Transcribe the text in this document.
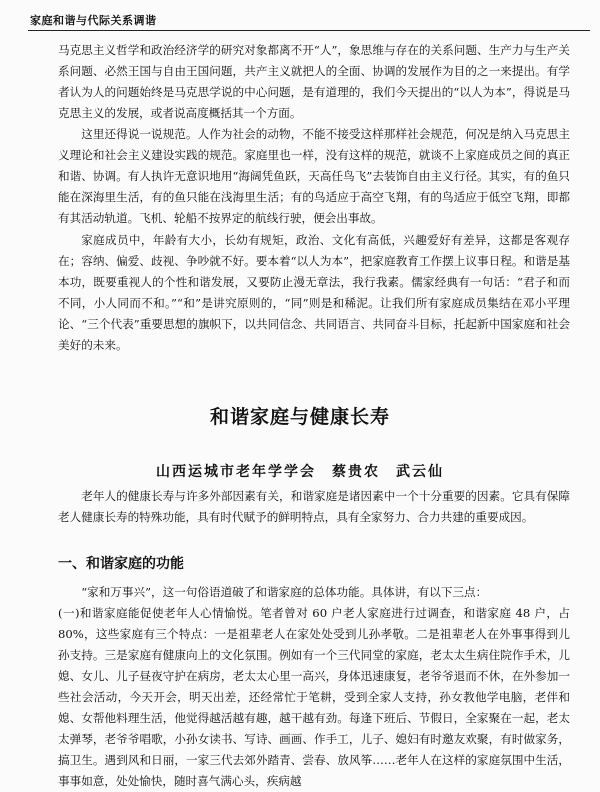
家庭和谐与代际关系调谐

马克思主义哲学和政治经济学的研究对象都离不开“人”，象思维与存在的关系问题、生产力与生产关系问题、必然王国与自由王国问题，共产主义就把人的全面、协调的发展作为目的之一来提出。有学者认为人的问题始终是马克思学说的中心问题，是有道理的，我们今天提出的“以人为本”，得说是马克思主义的发展，或者说高度概括其一个方面。

这里还得说一说规范。人作为社会的动物，不能不接受这样那样社会规范，何况是纳入马克思主义理论和社会主义建设实践的规范。家庭里也一样，没有这样的规范，就谈不上家庭成员之间的真正和谐、协调。有人执许无意识地用“海阔凭鱼跃，天高任鸟飞”去装饰自由主义行径。其实，有的鱼只能在深海里生活，有的鱼只能在浅海里生活；有的鸟适应于高空飞翔，有的鸟适应于低空飞翔，即都有其活动轨道。飞机、轮船不按界定的航线行驶，便会出事故。

家庭成员中，年龄有大小，长幼有规矩，政治、文化有高低，兴趣爱好有差异，这都是客观存在；容纳、偏爱、歧视、争吵就不好。要本着“以人为本”，把家庭教育工作摆上议事日程。和谐是基本功，既要重视人的个性和谐发展，又要防止漫无章法，我行我素。儒家经典有一句话：“君子和而不同，小人同而不和。”“和”是讲究原则的，“同”则是和稀泥。让我们所有家庭成员集结在邓小平理论、“三个代表”重要思想的旗帜下，以共同信念、共同语言、共同奋斗目标，托起新中国家庭和社会美好的未来。

和谐家庭与健康长寿
山西运城市老年学学会　蔡贵农　武云仙

老年人的健康长寿与许多外部因素有关，和谐家庭是诸因素中一个十分重要的因素。它具有保障老人健康长寿的特殊功能，具有时代赋予的鲜明特点，具有全家努力、合力共建的重要成因。

一、和谐家庭的功能

“家和万事兴”，这一句俗语道破了和谐家庭的总体功能。具体讲，有以下三点：

(一)和谐家庭能促使老年人心情愉悦。笔者曾对 60 户老人家庭进行过调查，和谐家庭 48 户，占 80%，这些家庭有三个特点：一是祖辈老人在家处处受到儿孙孝敬。二是祖辈老人在外事事得到儿孙支持。三是家庭有健康向上的文化氛围。例如有一个三代同堂的家庭，老太太生病住院作手术，儿媳、女儿、儿子昼夜守护在病房，老太太心里一高兴，身体迅速康复，老爷爷退而不休，在外参加一些社会活动，今天开会，明天出差，还经常忙于笔耕，受到全家人支持，孙女教他学电脑，老伴和媳、女帮他料理生活，他觉得越活越有趣，越干越有劲。每逢下班后、节假日，全家聚在一起，老太太弹琴，老爷爷唱歌，小孙女读书、写诗、画画、作手工，儿子、媳妇有时邀友欢聚，有时做家务，搞卫生。遇到风和日丽，一家三代去郊外踏青、尝春、放风筝……老年人在这样的家庭氛围中生活，事事如意，处处愉快，随时喜气满心头，疾病越
